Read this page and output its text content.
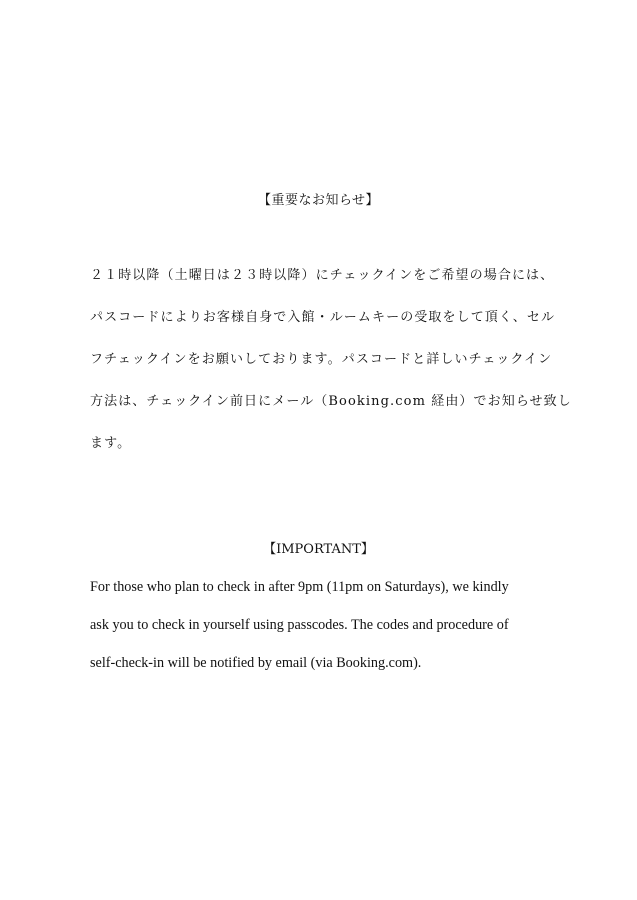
【重要なお知らせ】
２１時以降（土曜日は２３時以降）にチェックインをご希望の場合には、
パスコードによりお客様自身で入館・ルームキーの受取をして頂く、セル
フチェックインをお願いしております。パスコードと詳しいチェックイン
方法は、チェックイン前日にメール（Booking.com 経由）でお知らせ致し
ます。
【IMPORTANT】
For those who plan to check in after 9pm (11pm on Saturdays), we kindly
ask you to check in yourself using passcodes. The codes and procedure of
self-check-in will be notified by email (via Booking.com).
